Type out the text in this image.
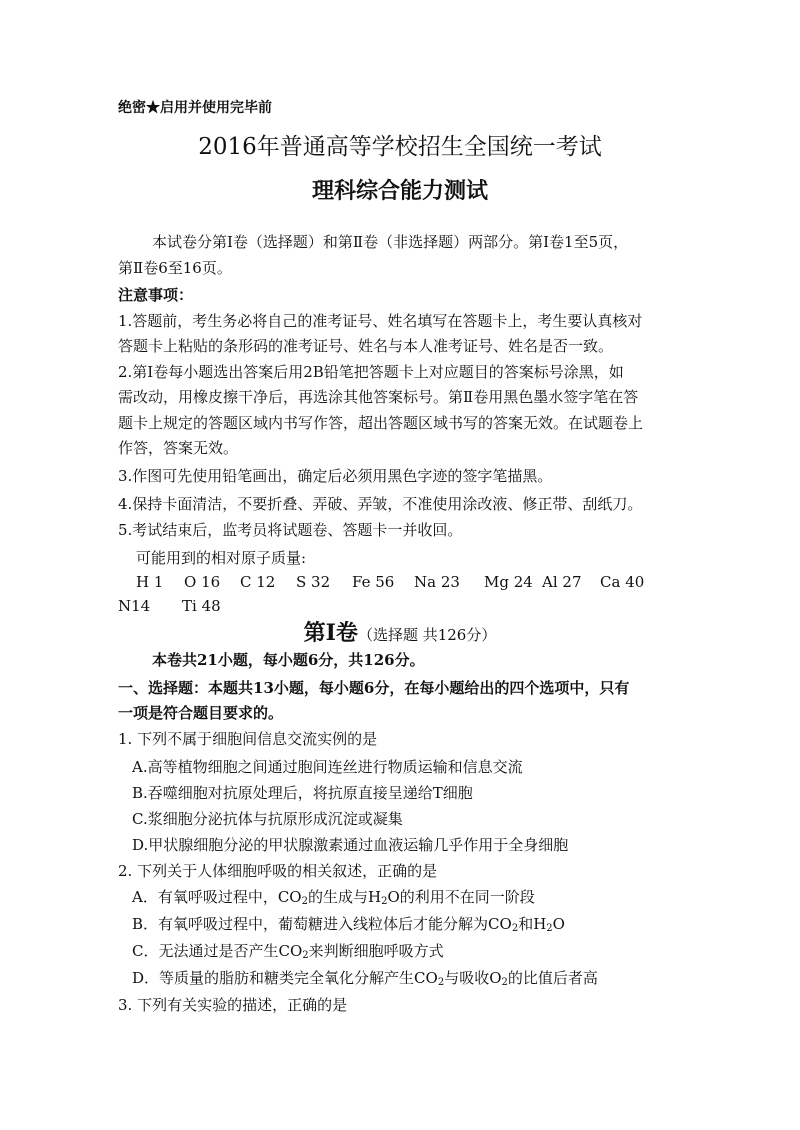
绝密★启用并使用完毕前
2016年普通高等学校招生全国统一考试
理科综合能力测试
本试卷分第Ⅰ卷（选择题）和第Ⅱ卷（非选择题）两部分。第Ⅰ卷1至5页，
第Ⅱ卷6至16页。
注意事项：
1.答题前，考生务必将自己的准考证号、姓名填写在答题卡上，考生要认真核对
答题卡上粘贴的条形码的准考证号、姓名与本人准考证号、姓名是否一致。
2.第Ⅰ卷每小题选出答案后用2B铅笔把答题卡上对应题目的答案标号涂黑，如
需改动，用橡皮擦干净后，再选涂其他答案标号。第Ⅱ卷用黑色墨水签字笔在答
题卡上规定的答题区域内书写作答，超出答题区域书写的答案无效。在试题卷上
作答，答案无效。
3.作图可先使用铅笔画出，确定后必须用黑色字迹的签字笔描黑。
4.保持卡面清洁，不要折叠、弄破、弄皱，不准使用涂改液、修正带、刮纸刀。
5.考试结束后，监考员将试题卷、答题卡一并收回。
可能用到的相对原子质量:
H 1 O 16 C 12 S 32 Fe 56 Na 23 Mg 24 Al 27 Ca 40
N14 Ti 48
第Ⅰ卷（选择题 共126分）
本卷共21小题，每小题6分，共126分。
一、选择题：本题共13小题，每小题6分，在每小题给出的四个选项中，只有
一项是符合题目要求的。
1. 下列不属于细胞间信息交流实例的是
A.高等植物细胞之间通过胞间连丝进行物质运输和信息交流
B.吞噬细胞对抗原处理后，将抗原直接呈递给T细胞
C.浆细胞分泌抗体与抗原形成沉淀或凝集
D.甲状腺细胞分泌的甲状腺激素通过血液运输几乎作用于全身细胞
2. 下列关于人体细胞呼吸的相关叙述，正确的是
A．有氧呼吸过程中，$CO_2$的生成与$H_2O$的利用不在同一阶段
B．有氧呼吸过程中，葡萄糖进入线粒体后才能分解为$CO_2$和$H_2O$
C．无法通过是否产生$CO_2$来判断细胞呼吸方式
D．等质量的脂肪和糖类完全氧化分解产生$CO_2$与吸收$O_2$的比值后者高
3. 下列有关实验的描述，正确的是
